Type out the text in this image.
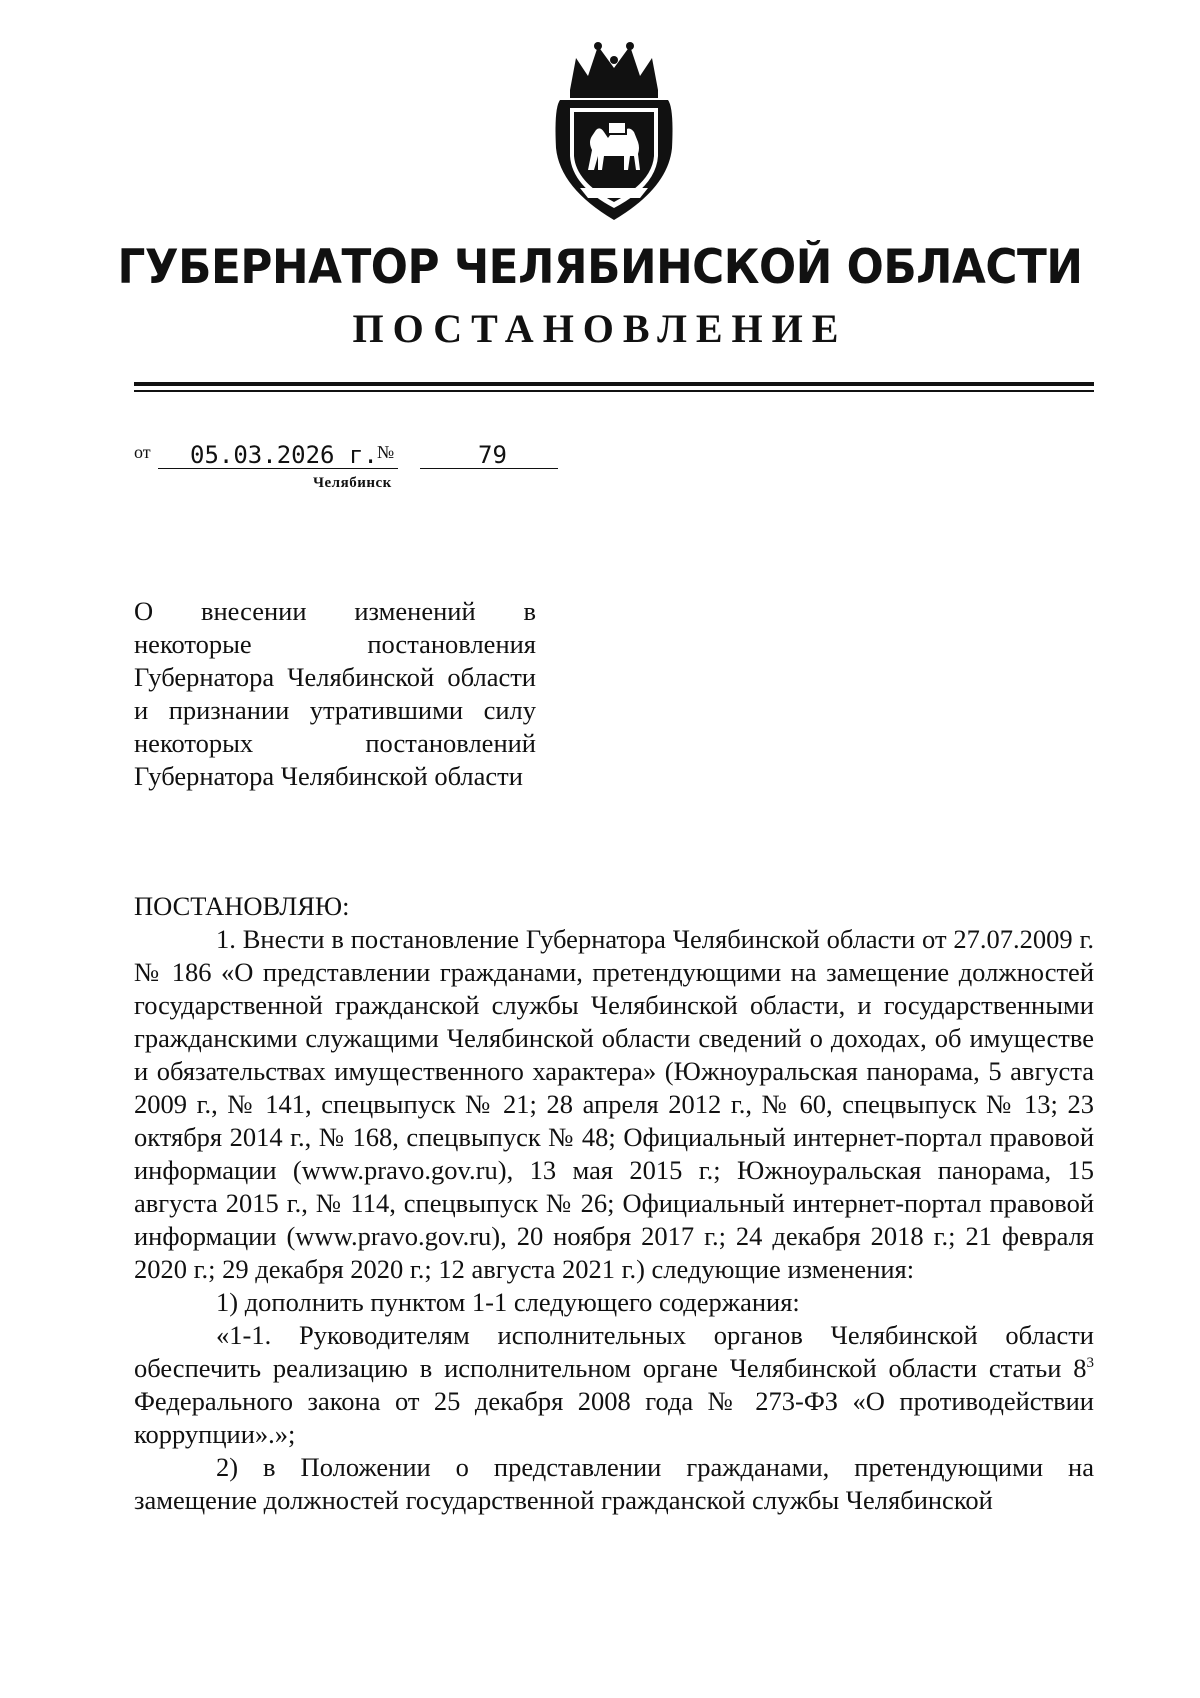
ГУБЕРНАТОР ЧЕЛЯБИНСКОЙ ОБЛАСТИ
ПОСТАНОВЛЕНИЕ
от 05.03.2026 г. №	79
Челябинск
О внесении изменений в некоторые постановления Губернатора Челябинской области и признании утратившими силу некоторых постановлений Губернатора Челябинской области

ПОСТАНОВЛЯЮ:

1. Внести в постановление Губернатора Челябинской области от 27.07.2009 г. № 186 «О представлении гражданами, претендующими на замещение должностей государственной гражданской службы Челябинской области, и государственными гражданскими служащими Челябинской области сведений о доходах, об имуществе и обязательствах имущественного характера» (Южноуральская панорама, 5 августа 2009 г., № 141, спецвыпуск № 21; 28 апреля 2012 г., № 60, спецвыпуск № 13; 23 октября 2014 г., № 168, спецвыпуск № 48; Официальный интернет-портал правовой информации (www.pravo.gov.ru), 13 мая 2015 г.; Южноуральская панорама, 15 августа 2015 г., № 114, спецвыпуск № 26; Официальный интернет-портал правовой информации (www.pravo.gov.ru), 20 ноября 2017 г.; 24 декабря 2018 г.; 21 февраля 2020 г.; 29 декабря 2020 г.; 12 августа 2021 г.) следующие изменения:

1) дополнить пунктом 1-1 следующего содержания:

«1-1. Руководителям исполнительных органов Челябинской области обеспечить реализацию в исполнительном органе Челябинской области статьи $8^3$ Федерального закона от 25 декабря 2008 года № 273-ФЗ «О противодействии коррупции».»;

2) в Положении о представлении гражданами, претендующими на замещение должностей государственной гражданской службы Челябинской
